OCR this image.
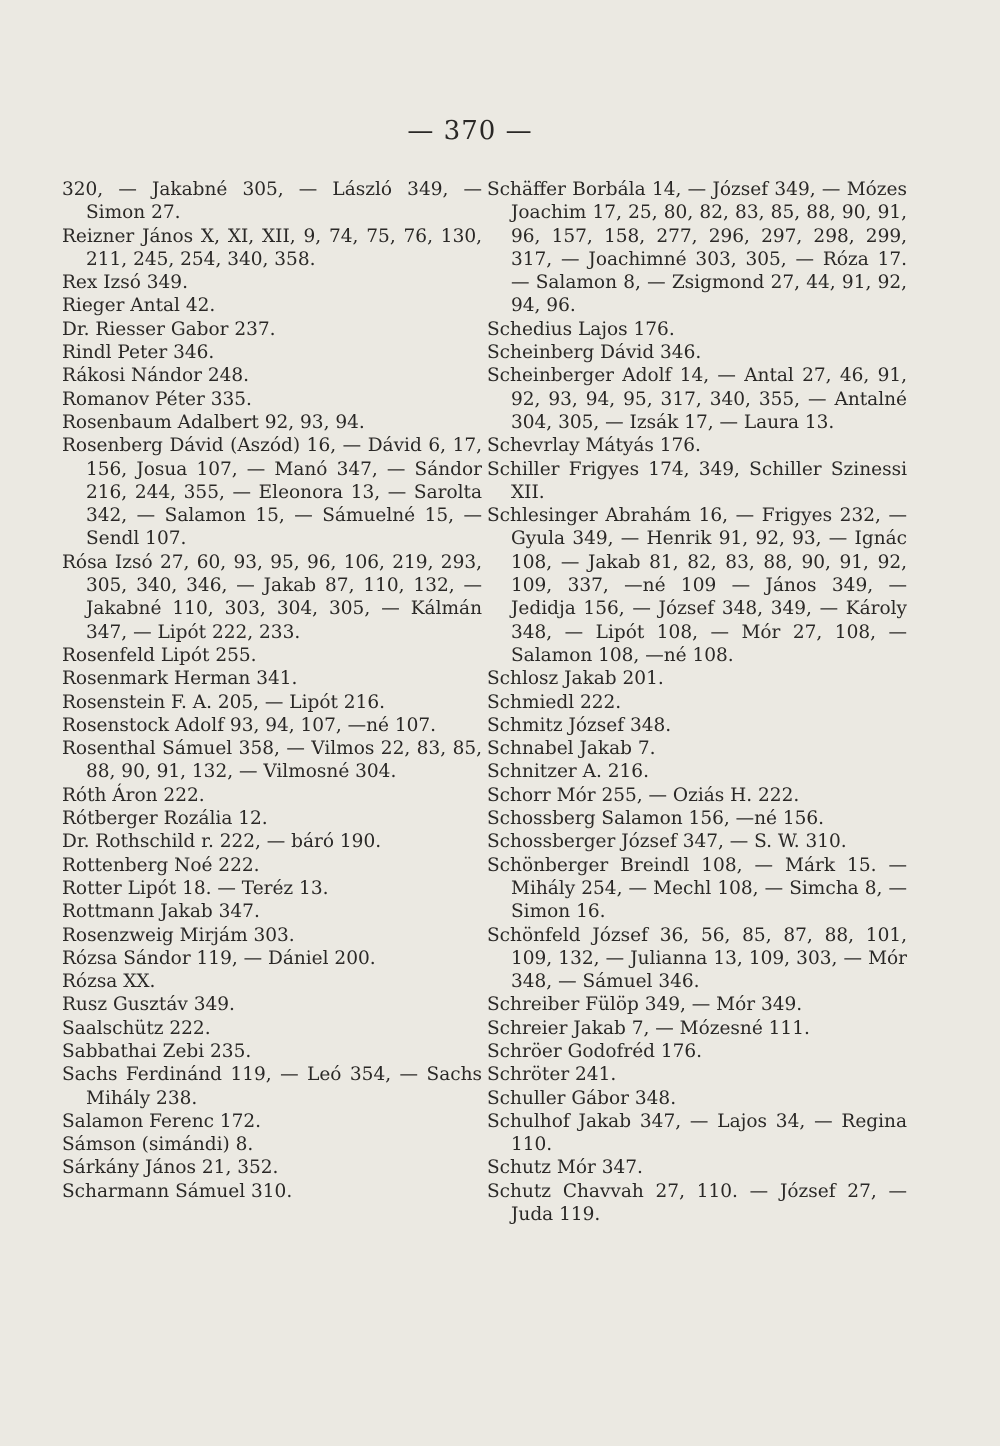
— 370 —
320, — Jakabné 305, — László 349, — Simon 27.
Reizner János X, XI, XII, 9, 74, 75, 76, 130, 211, 245, 254, 340, 358.
Rex Izsó 349.
Rieger Antal 42.
Dr. Riesser Gabor 237.
Rindl Peter 346.
Rákosi Nándor 248.
Romanov Péter 335.
Rosenbaum Adalbert 92, 93, 94.
Rosenberg Dávid (Aszód) 16, — Dávid 6, 17, 156, Josua 107, — Manó 347, — Sándor 216, 244, 355, — Eleonora 13, — Sarolta 342, — Salamon 15, — Sámuelné 15, — Sendl 107.
Rósa Izsó 27, 60, 93, 95, 96, 106, 219, 293, 305, 340, 346, — Jakab 87, 110, 132, — Jakabné 110, 303, 304, 305, — Kálmán 347, — Lipót 222, 233.
Rosenfeld Lipót 255.
Rosenmark Herman 341.
Rosenstein F. A. 205, — Lipót 216.
Rosenstock Adolf 93, 94, 107, —né 107.
Rosenthal Sámuel 358, — Vilmos 22, 83, 85, 88, 90, 91, 132, — Vilmosné 304.
Róth Áron 222.
Rótberger Rozália 12.
Dr. Rothschild r. 222, — báró 190.
Rottenberg Noé 222.
Rotter Lipót 18. — Teréz 13.
Rottmann Jakab 347.
Rosenzweig Mirjám 303.
Rózsa Sándor 119, — Dániel 200.
Rózsa XX.
Rusz Gusztáv 349.
Saalschütz 222.
Sabbathai Zebi 235.
Sachs Ferdinánd 119, — Leó 354, — Sachs Mihály 238.
Salamon Ferenc 172.
Sámson (simándi) 8.
Sárkány János 21, 352.
Scharmann Sámuel 310.
Schäffer Borbála 14, — József 349, — Mózes Joachim 17, 25, 80, 82, 83, 85, 88, 90, 91, 96, 157, 158, 277, 296, 297, 298, 299, 317, — Joachimné 303, 305, — Róza 17. — Salamon 8, — Zsigmond 27, 44, 91, 92, 94, 96.
Schedius Lajos 176.
Scheinberg Dávid 346.
Scheinberger Adolf 14, — Antal 27, 46, 91, 92, 93, 94, 95, 317, 340, 355, — Antalné 304, 305, — Izsák 17, — Laura 13.
Schevrlay Mátyás 176.
Schiller Frigyes 174, 349, Schiller Szinessi XII.
Schlesinger Abrahám 16, — Frigyes 232, — Gyula 349, — Henrik 91, 92, 93, — Ignác 108, — Jakab 81, 82, 83, 88, 90, 91, 92, 109, 337, —né 109 — János 349, — Jedidja 156, — József 348, 349, — Károly 348, — Lipót 108, — Mór 27, 108, — Salamon 108, —né 108.
Schlosz Jakab 201.
Schmiedl 222.
Schmitz József 348.
Schnabel Jakab 7.
Schnitzer A. 216.
Schorr Mór 255, — Oziás H. 222.
Schossberg Salamon 156, —né 156.
Schossberger József 347, — S. W. 310.
Schönberger Breindl 108, — Márk 15. — Mihály 254, — Mechl 108, — Simcha 8, — Simon 16.
Schönfeld József 36, 56, 85, 87, 88, 101, 109, 132, — Julianna 13, 109, 303, — Mór 348, — Sámuel 346.
Schreiber Fülöp 349, — Mór 349.
Schreier Jakab 7, — Mózesné 111.
Schröer Godofréd 176.
Schröter 241.
Schuller Gábor 348.
Schulhof Jakab 347, — Lajos 34, — Regina 110.
Schutz Mór 347.
Schutz Chavvah 27, 110. — József 27, — Juda 119.
